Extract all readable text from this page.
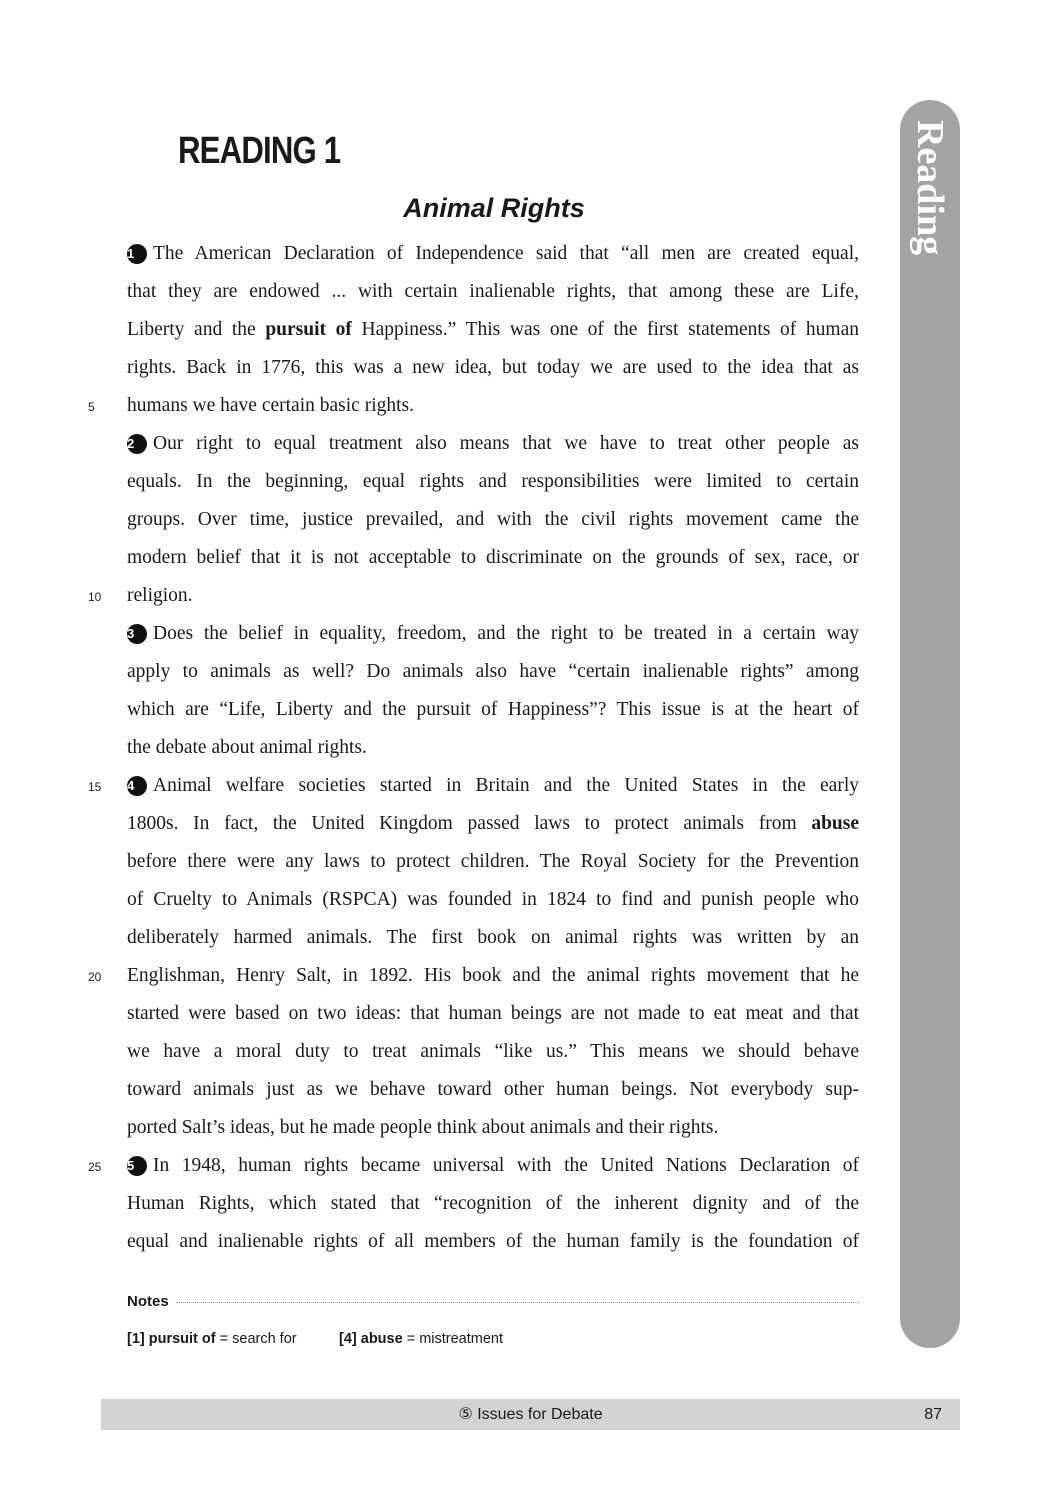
READING 1
Animal Rights	Reading
1 The American Declaration of Independence said that “all men are created equal,
that they are endowed ... with certain inalienable rights, that among these are Life,
Liberty and the pursuit of Happiness.” This was one of the first statements of human
rights. Back in 1776, this was a new idea, but today we are used to the idea that as
5	humans we have certain basic rights.
2 Our right to equal treatment also means that we have to treat other people as
equals. In the beginning, equal rights and responsibilities were limited to certain
groups. Over time, justice prevailed, and with the civil rights movement came the
modern belief that it is not acceptable to discriminate on the grounds of sex, race, or
10	religion.
3 Does the belief in equality, freedom, and the right to be treated in a certain way
apply to animals as well? Do animals also have “certain inalienable rights” among
which are “Life, Liberty and the pursuit of Happiness”? This issue is at the heart of
the debate about animal rights.
15	4 Animal welfare societies started in Britain and the United States in the early
1800s. In fact, the United Kingdom passed laws to protect animals from abuse
before there were any laws to protect children. The Royal Society for the Prevention
of Cruelty to Animals (RSPCA) was founded in 1824 to find and punish people who
deliberately harmed animals. The first book on animal rights was written by an
20	Englishman, Henry Salt, in 1892. His book and the animal rights movement that he
started were based on two ideas: that human beings are not made to eat meat and that
we have a moral duty to treat animals “like us.” This means we should behave
toward animals just as we behave toward other human beings. Not everybody sup-
ported Salt’s ideas, but he made people think about animals and their rights.
25	5 In 1948, human rights became universal with the United Nations Declaration of
Human Rights, which stated that “recognition of the inherent dignity and of the
equal and inalienable rights of all members of the human family is the foundation of
Notes
[1] pursuit of = search for	[4] abuse = mistreatment
⑤ Issues for Debate	87
